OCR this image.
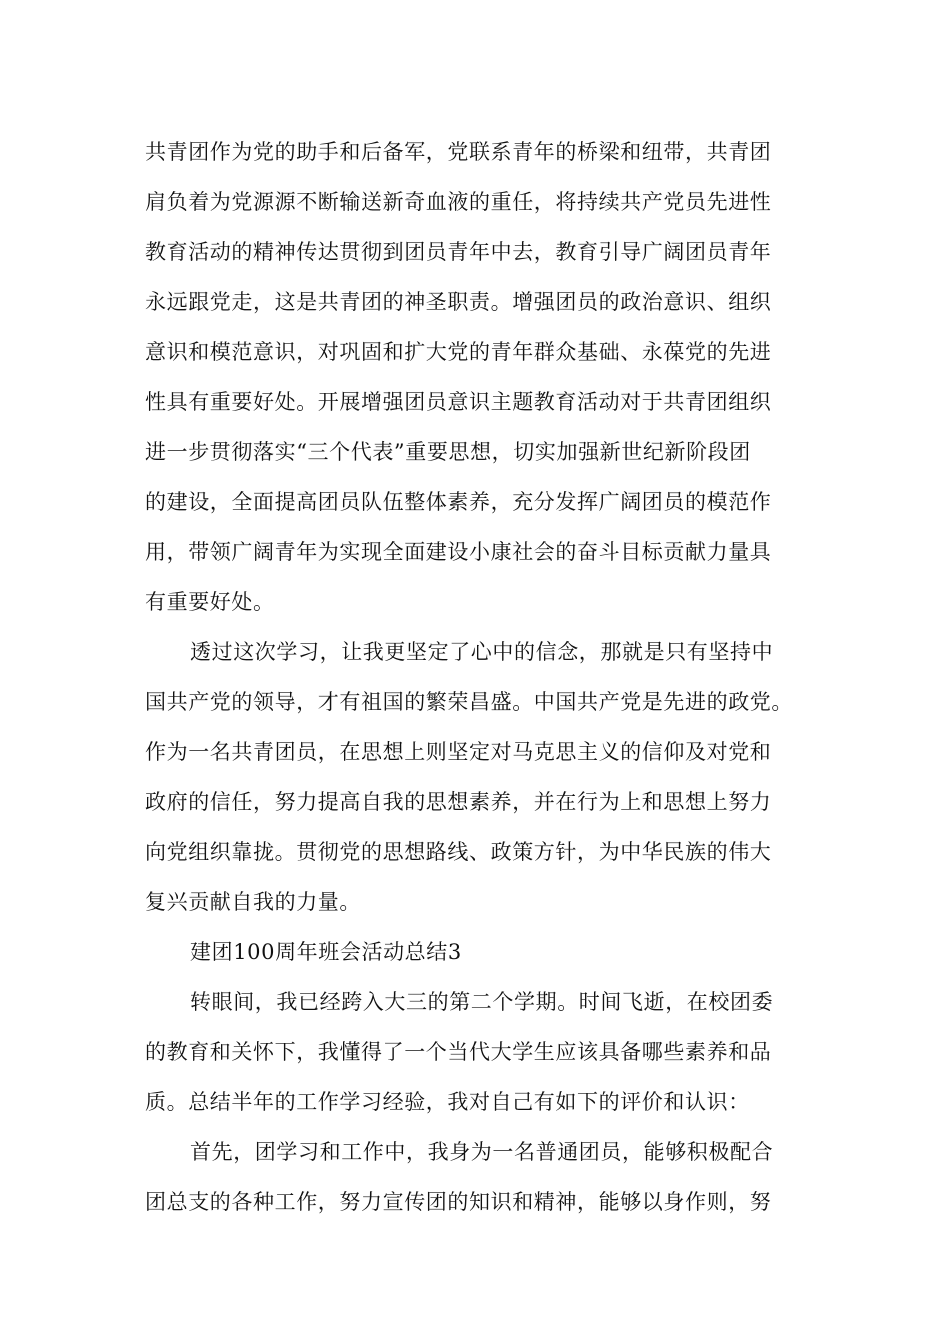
共青团作为党的助手和后备军，党联系青年的桥梁和纽带，共青团
肩负着为党源源不断输送新奇血液的重任，将持续共产党员先进性
教育活动的精神传达贯彻到团员青年中去，教育引导广阔团员青年
永远跟党走，这是共青团的神圣职责。增强团员的政治意识、组织
意识和模范意识，对巩固和扩大党的青年群众基础、永葆党的先进
性具有重要好处。开展增强团员意识主题教育活动对于共青团组织
进一步贯彻落实“三个代表”重要思想，切实加强新世纪新阶段团
的建设，全面提高团员队伍整体素养，充分发挥广阔团员的模范作
用，带领广阔青年为实现全面建设小康社会的奋斗目标贡献力量具
有重要好处。
透过这次学习，让我更坚定了心中的信念，那就是只有坚持中
国共产党的领导，才有祖国的繁荣昌盛。中国共产党是先进的政党。
作为一名共青团员，在思想上则坚定对马克思主义的信仰及对党和
政府的信任，努力提高自我的思想素养，并在行为上和思想上努力
向党组织靠拢。贯彻党的思想路线、政策方针，为中华民族的伟大
复兴贡献自我的力量。
建团100周年班会活动总结3
转眼间，我已经跨入大三的第二个学期。时间飞逝，在校团委
的教育和关怀下，我懂得了一个当代大学生应该具备哪些素养和品
质。总结半年的工作学习经验，我对自己有如下的评价和认识：
首先，团学习和工作中，我身为一名普通团员，能够积极配合
团总支的各种工作，努力宣传团的知识和精神，能够以身作则，努
